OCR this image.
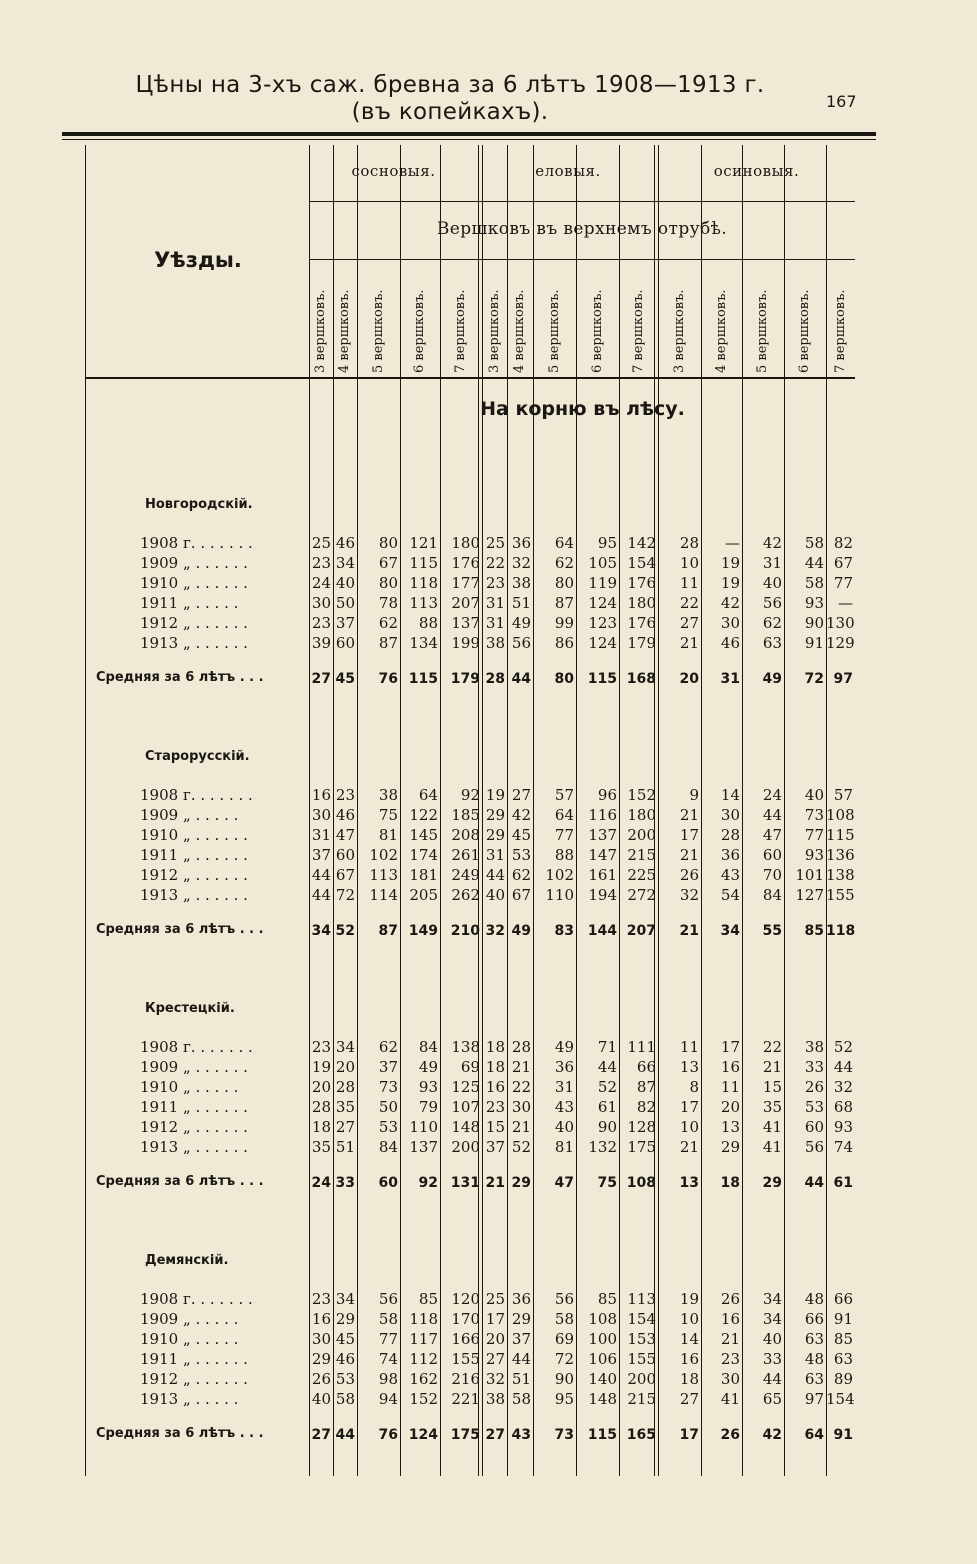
Цѣны на 3-хъ саж. бревна за 6 лѣтъ 1908—1913 г.
(въ копейкахъ).	167
Уѣзды.
сосновыя.	еловыя.	осиновыя.
Вершковъ въ верхнемъ отрубѣ.
3 вершковъ. 4 вершковъ. 5 вершковъ. 6 вершковъ. 7 вершковъ. 3 вершковъ. 4 вершковъ. 5 вершковъ. 6 вершковъ. 7 вершковъ. 3 вершковъ. 4 вершковъ. 5 вершковъ. 6 вершковъ. 7 вершковъ.
На корню въ лѣсу.
Новгородскій.
1908 г. . . . . . .	25 46	80 121 180 25 36	64	95 142	28	—	42	58 82
1909 „ . . . . . .	23 34	67 115 176 22 32	62 105 154	10	19	31	44 67
1910 „ . . . . . .	24 40	80 118 177 23 38	80 119 176	11	19	40	58 77
1911 „ . . . . .	30 50	78 113 207 31 51	87 124 180	22	42	56	93 —
1912 „ . . . . . .	23 37	62	88 137 31 49	99 123 176	27	30	62	90 130
1913 „ . . . . . .	39 60	87 134 199 38 56	86 124 179	21	46	63	91 129
Средняя за 6 лѣтъ . . .	27 45	76 115 179 28 44	80 115 168	20	31	49	72 97
Старорусскій.
1908 г. . . . . . .	16 23	38	64	92 19 27	57	96 152	9	14	24	40 57
1909 „ . . . . .	30 46	75 122 185 29 42	64 116 180	21	30	44	73 108
1910 „ . . . . . .	31 47	81 145 208 29 45	77 137 200	17	28	47	77 115
1911 „ . . . . . .	37 60 102 174 261 31 53	88 147 215	21	36	60	93 136
1912 „ . . . . . .	44 67 113 181 249 44 62 102 161 225	26	43	70 101 138
1913 „ . . . . . .	44 72 114 205 262 40 67 110 194 272	32	54	84 127 155
Средняя за 6 лѣтъ . . .	34 52	87 149 210 32 49	83 144 207	21	34	55	85 118
Крестецкій.
1908 г. . . . . . .	23 34	62	84 138 18 28	49	71 111	11	17	22	38 52
1909 „ . . . . . .	19 20	37	49	69 18 21	36	44	66	13	16	21	33 44
1910 „ . . . . .	20 28	73	93 125 16 22	31	52	87	8	11	15	26 32
1911 „ . . . . . .	28 35	50	79 107 23 30	43	61	82	17	20	35	53 68
1912 „ . . . . . .	18 27	53 110 148 15 21	40	90 128	10	13	41	60 93
1913 „ . . . . . .	35 51	84 137 200 37 52	81 132 175	21	29	41	56 74
Средняя за 6 лѣтъ . . .	24 33	60	92 131 21 29	47	75 108	13	18	29	44 61
Демянскій.
1908 г. . . . . . .	23 34	56	85 120 25 36	56	85 113	19	26	34	48 66
1909 „ . . . . .	16 29	58 118 170 17 29	58 108 154	10	16	34	66 91
1910 „ . . . . .	30 45	77 117 166 20 37	69 100 153	14	21	40	63 85
1911 „ . . . . . .	29 46	74 112 155 27 44	72 106 155	16	23	33	48 63
1912 „ . . . . . .	26 53	98 162 216 32 51	90 140 200	18	30	44	63 89
1913 „ . . . . .	40 58	94 152 221 38 58	95 148 215	27	41	65	97 154
Средняя за 6 лѣтъ . . .	27 44	76 124 175 27 43	73 115 165	17	26	42	64 91
